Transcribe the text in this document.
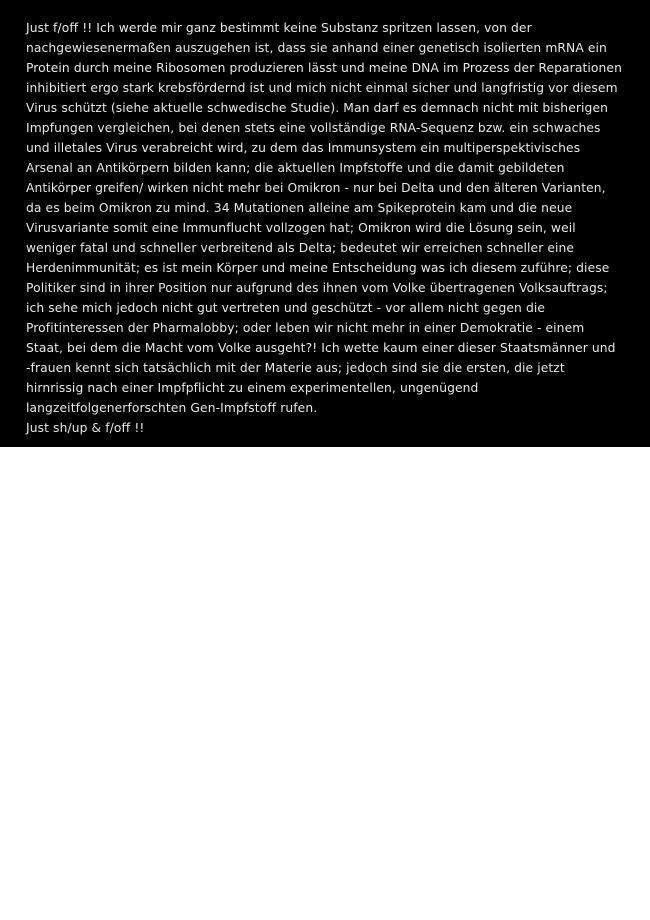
Just f/off !! Ich werde mir ganz bestimmt keine Substanz spritzen lassen, von der nachgewiesenermaßen auszugehen ist, dass sie anhand einer genetisch isolierten mRNA ein Protein durch meine Ribosomen produzieren lässt und meine DNA im Prozess der Reparationen inhibitiert ergo stark krebsfördernd ist und mich nicht einmal sicher und langfristig vor diesem Virus schützt (siehe aktuelle schwedische Studie). Man darf es demnach nicht mit bisherigen Impfungen vergleichen, bei denen stets eine vollständige RNA-Sequenz bzw. ein schwaches und illetales Virus verabreicht wird, zu dem das Immunsystem ein multiperspektivisches Arsenal an Antikörpern bilden kann; die aktuellen Impfstoffe und die damit gebildeten Antikörper greifen/ wirken nicht mehr bei Omikron - nur bei Delta und den älteren Varianten, da es beim Omikron zu mind. 34 Mutationen alleine am Spikeprotein kam und die neue Virusvariante somit eine Immunflucht vollzogen hat; Omikron wird die Lösung sein, weil weniger fatal und schneller verbreitend als Delta; bedeutet wir erreichen schneller eine Herdenimmunität; es ist mein Körper und meine Entscheidung was ich diesem zuführe; diese Politiker sind in ihrer Position nur aufgrund des ihnen vom Volke übertragenen Volksauftrags; ich sehe mich jedoch nicht gut vertreten und geschützt - vor allem nicht gegen die Profitinteressen der Pharmalobby; oder leben wir nicht mehr in einer Demokratie - einem Staat, bei dem die Macht vom Volke ausgeht?! Ich wette kaum einer dieser Staatsmänner und -frauen kennt sich tatsächlich mit der Materie aus; jedoch sind sie die ersten, die jetzt hirnrissig nach einer Impfpflicht zu einem experimentellen, ungenügend langzeitfolgenerforschten Gen-Impfstoff rufen.
Just sh/up & f/off !!
